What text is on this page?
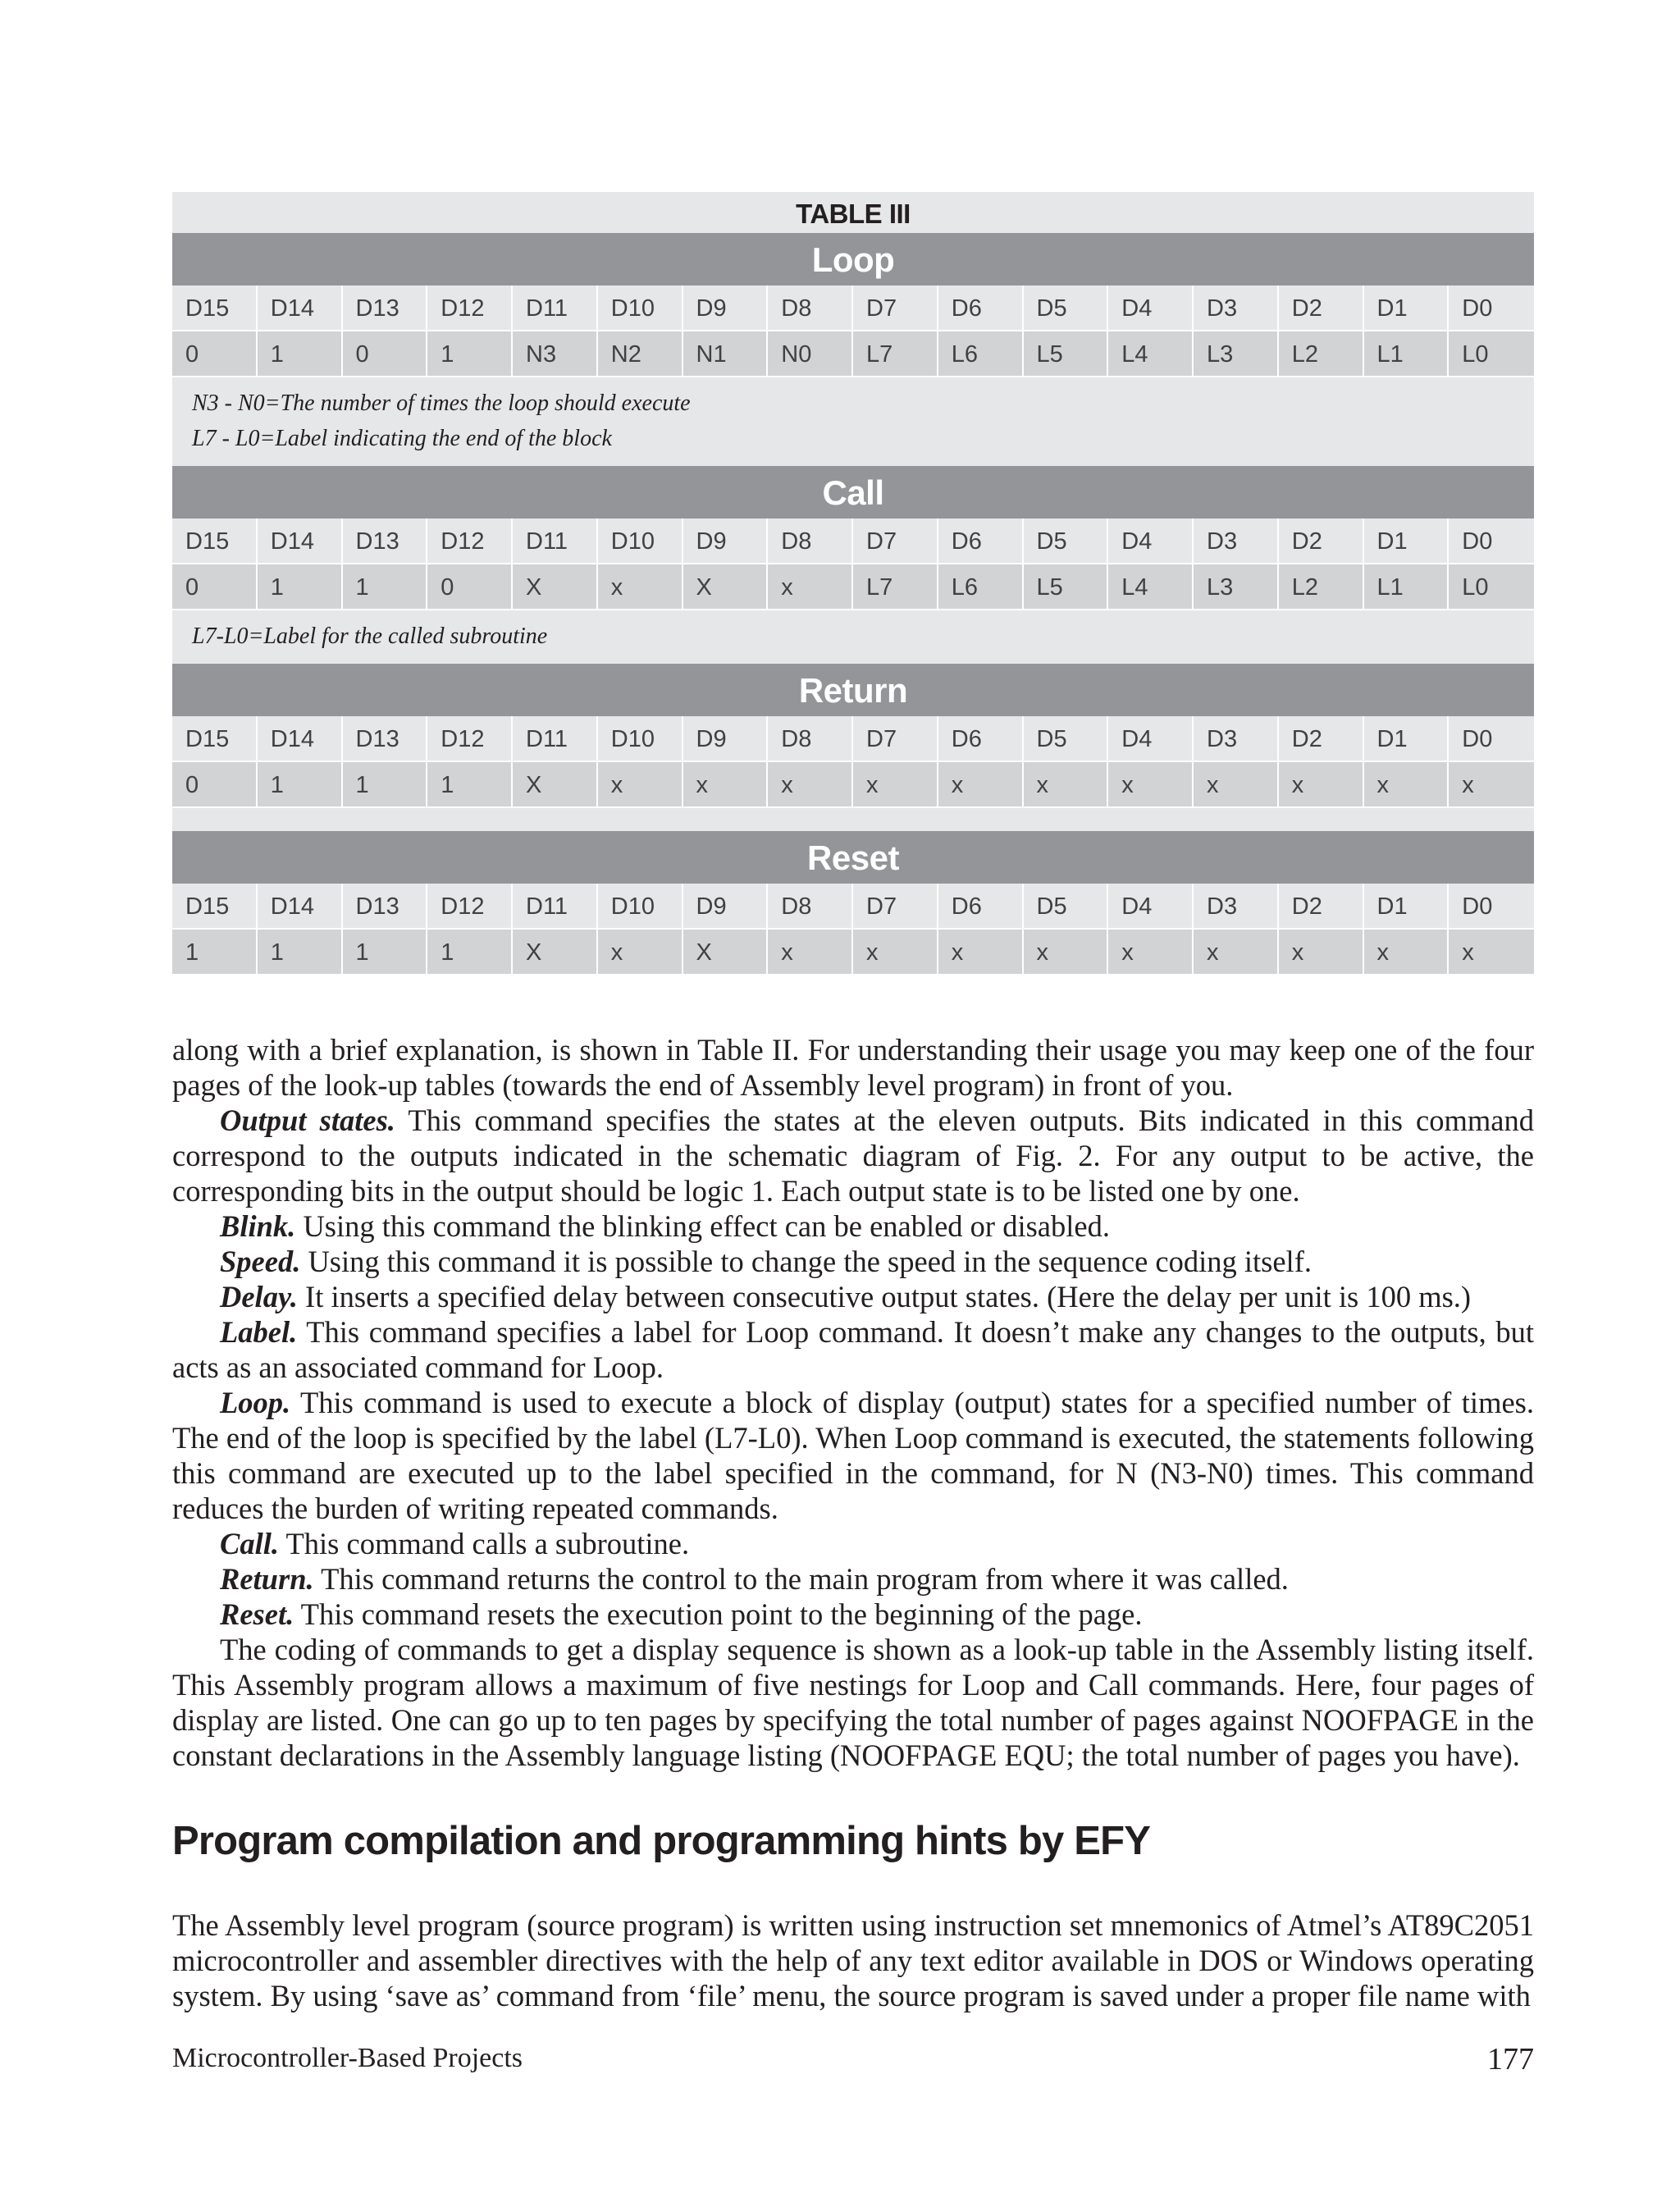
TABLE III
Loop
D15	D14	D13	D12	D11	D10	D9	D8	D7	D6	D5	D4	D3	D2	D1	D0
0	1	0	1	N3	N2	N1	N0	L7	L6	L5	L4	L3	L2	L1	L0
N3 - N0=The number of times the loop should execute
L7 - L0=Label indicating the end of the block
Call
D15	D14	D13	D12	D11	D10	D9	D8	D7	D6	D5	D4	D3	D2	D1	D0
0	1	1	0	X	x	X	x	L7	L6	L5	L4	L3	L2	L1	L0
L7-L0=Label for the called subroutine
Return
D15	D14	D13	D12	D11	D10	D9	D8	D7	D6	D5	D4	D3	D2	D1	D0
0	1	1	1	X	x	x	x	x	x	x	x	x	x	x	x
Reset
D15	D14	D13	D12	D11	D10	D9	D8	D7	D6	D5	D4	D3	D2	D1	D0
1	1	1	1	X	x	X	x	x	x	x	x	x	x	x	x

along with a brief explanation, is shown in Table II. For understanding their usage you may keep one of the four pages of the look-up tables (towards the end of Assembly level program) in front of you.

Output states. This command specifies the states at the eleven outputs. Bits indicated in this command correspond to the outputs indicated in the schematic diagram of Fig. 2. For any output to be active, the corresponding bits in the output should be logic 1. Each output state is to be listed one by one.

Blink. Using this command the blinking effect can be enabled or disabled.

Speed. Using this command it is possible to change the speed in the sequence coding itself.

Delay. It inserts a specified delay between consecutive output states. (Here the delay per unit is 100 ms.)

Label. This command specifies a label for Loop command. It doesn’t make any changes to the outputs, but acts as an associated command for Loop.

Loop. This command is used to execute a block of display (output) states for a specified number of times. The end of the loop is specified by the label (L7-L0). When Loop command is executed, the statements following this command are executed up to the label specified in the command, for N (N3-N0) times. This command reduces the burden of writing repeated commands.

Call. This command calls a subroutine.

Return. This command returns the control to the main program from where it was called.

Reset. This command resets the execution point to the beginning of the page.

The coding of commands to get a display sequence is shown as a look-up table in the Assembly listing itself. This Assembly program allows a maximum of five nestings for Loop and Call commands. Here, four pages of display are listed. One can go up to ten pages by specifying the total number of pages against NOOFPAGE in the constant declarations in the Assembly language listing (NOOFPAGE EQU; the total number of pages you have).

Program compilation and programming hints by EFY

The Assembly level program (source program) is written using instruction set mnemonics of Atmel’s AT89C2051 microcontroller and assembler directives with the help of any text editor available in DOS or Windows operating system. By using ‘save as’ command from ‘file’ menu, the source program is saved under a proper file name with

Microcontroller-Based Projects	177
